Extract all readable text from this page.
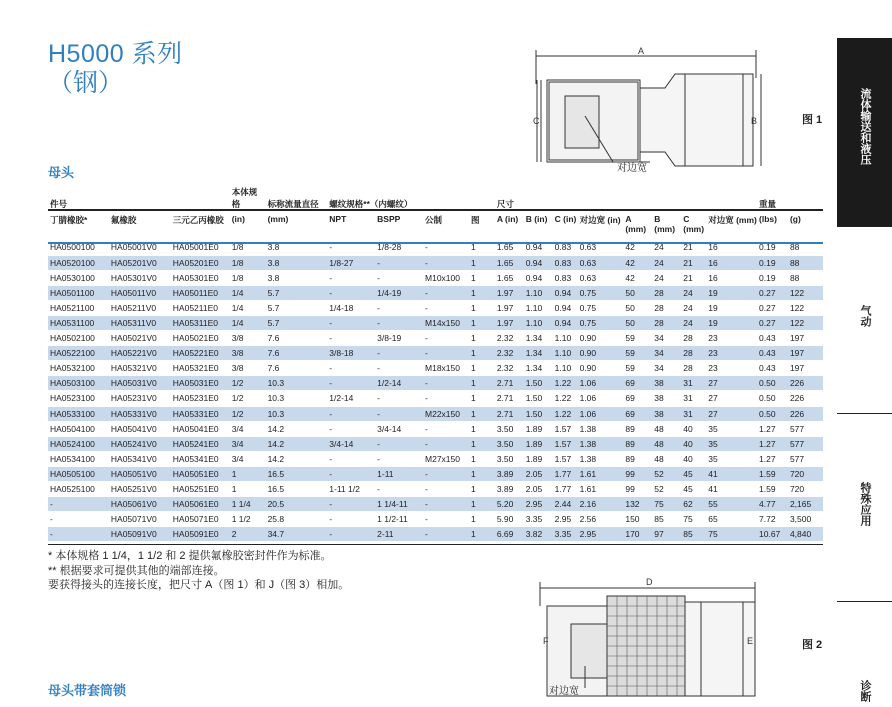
H5000 系列
（钢）
母头
母头带套筒锁
A
C	B
对边宽
图 1
D
F	E
对边宽
图 2
流体输送和液压
气动
特殊应用
诊断
件号			本体规格	标称流量直径	螺纹规格**（内螺纹）				尺寸								重量	
丁腈橡胶*	氟橡胶	三元乙丙橡胶	(in)	(mm)	NPT	BSPP	公制	图	A (in)	B (in)	C (in)	对边宽 (in)	A (mm)	B (mm)	C (mm)	对边宽 (mm)	(lbs)	(g)
HA0500100	HA05001V0	HA05001E0	1/8	3.8	-	1/8-28	-	1	1.65	0.94	0.83	0.63	42	24	21	16	0.19	88
HA0520100	HA05201V0	HA05201E0	1/8	3.8	1/8-27	-	-	1	1.65	0.94	0.83	0.63	42	24	21	16	0.19	88
HA0530100	HA05301V0	HA05301E0	1/8	3.8	-	-	M10x100	1	1.65	0.94	0.83	0.63	42	24	21	16	0.19	88
HA0501100	HA05011V0	HA05011E0	1/4	5.7	-	1/4-19	-	1	1.97	1.10	0.94	0.75	50	28	24	19	0.27	122
HA0521100	HA05211V0	HA05211E0	1/4	5.7	1/4-18	-	-	1	1.97	1.10	0.94	0.75	50	28	24	19	0.27	122
HA0531100	HA05311V0	HA05311E0	1/4	5.7	-	-	M14x150	1	1.97	1.10	0.94	0.75	50	28	24	19	0.27	122
HA0502100	HA05021V0	HA05021E0	3/8	7.6	-	3/8-19	-	1	2.32	1.34	1.10	0.90	59	34	28	23	0.43	197
HA0522100	HA05221V0	HA05221E0	3/8	7.6	3/8-18	-	-	1	2.32	1.34	1.10	0.90	59	34	28	23	0.43	197
HA0532100	HA05321V0	HA05321E0	3/8	7.6	-	-	M18x150	1	2.32	1.34	1.10	0.90	59	34	28	23	0.43	197
HA0503100	HA05031V0	HA05031E0	1/2	10.3	-	1/2-14	-	1	2.71	1.50	1.22	1.06	69	38	31	27	0.50	226
HA0523100	HA05231V0	HA05231E0	1/2	10.3	1/2-14	-	-	1	2.71	1.50	1.22	1.06	69	38	31	27	0.50	226
HA0533100	HA05331V0	HA05331E0	1/2	10.3	-	-	M22x150	1	2.71	1.50	1.22	1.06	69	38	31	27	0.50	226
HA0504100	HA05041V0	HA05041E0	3/4	14.2	-	3/4-14	-	1	3.50	1.89	1.57	1.38	89	48	40	35	1.27	577
HA0524100	HA05241V0	HA05241E0	3/4	14.2	3/4-14	-	-	1	3.50	1.89	1.57	1.38	89	48	40	35	1.27	577
HA0534100	HA05341V0	HA05341E0	3/4	14.2	-	-	M27x150	1	3.50	1.89	1.57	1.38	89	48	40	35	1.27	577
HA0505100	HA05051V0	HA05051E0	1	16.5	-	1-11	-	1	3.89	2.05	1.77	1.61	99	52	45	41	1.59	720
HA0525100	HA05251V0	HA05251E0	1	16.5	1-11 1/2	-	-	1	3.89	2.05	1.77	1.61	99	52	45	41	1.59	720
-	HA05061V0	HA05061E0	1 1/4	20.5	-	1 1/4-11	-	1	5.20	2.95	2.44	2.16	132	75	62	55	4.77	2,165
-	HA05071V0	HA05071E0	1 1/2	25.8	-	1 1/2-11	-	1	5.90	3.35	2.95	2.56	150	85	75	65	7.72	3,500
-	HA05091V0	HA05091E0	2	34.7	-	2-11	-	1	6.69	3.82	3.35	2.95	170	97	85	75	10.67	4,840
* 本体规格 1 1/4，1 1/2 和 2 提供氟橡胶密封件作为标准。
** 根据要求可提供其他的端部连接。
要获得接头的连接长度，把尺寸 A（图 1）和 J（图 3）相加。
